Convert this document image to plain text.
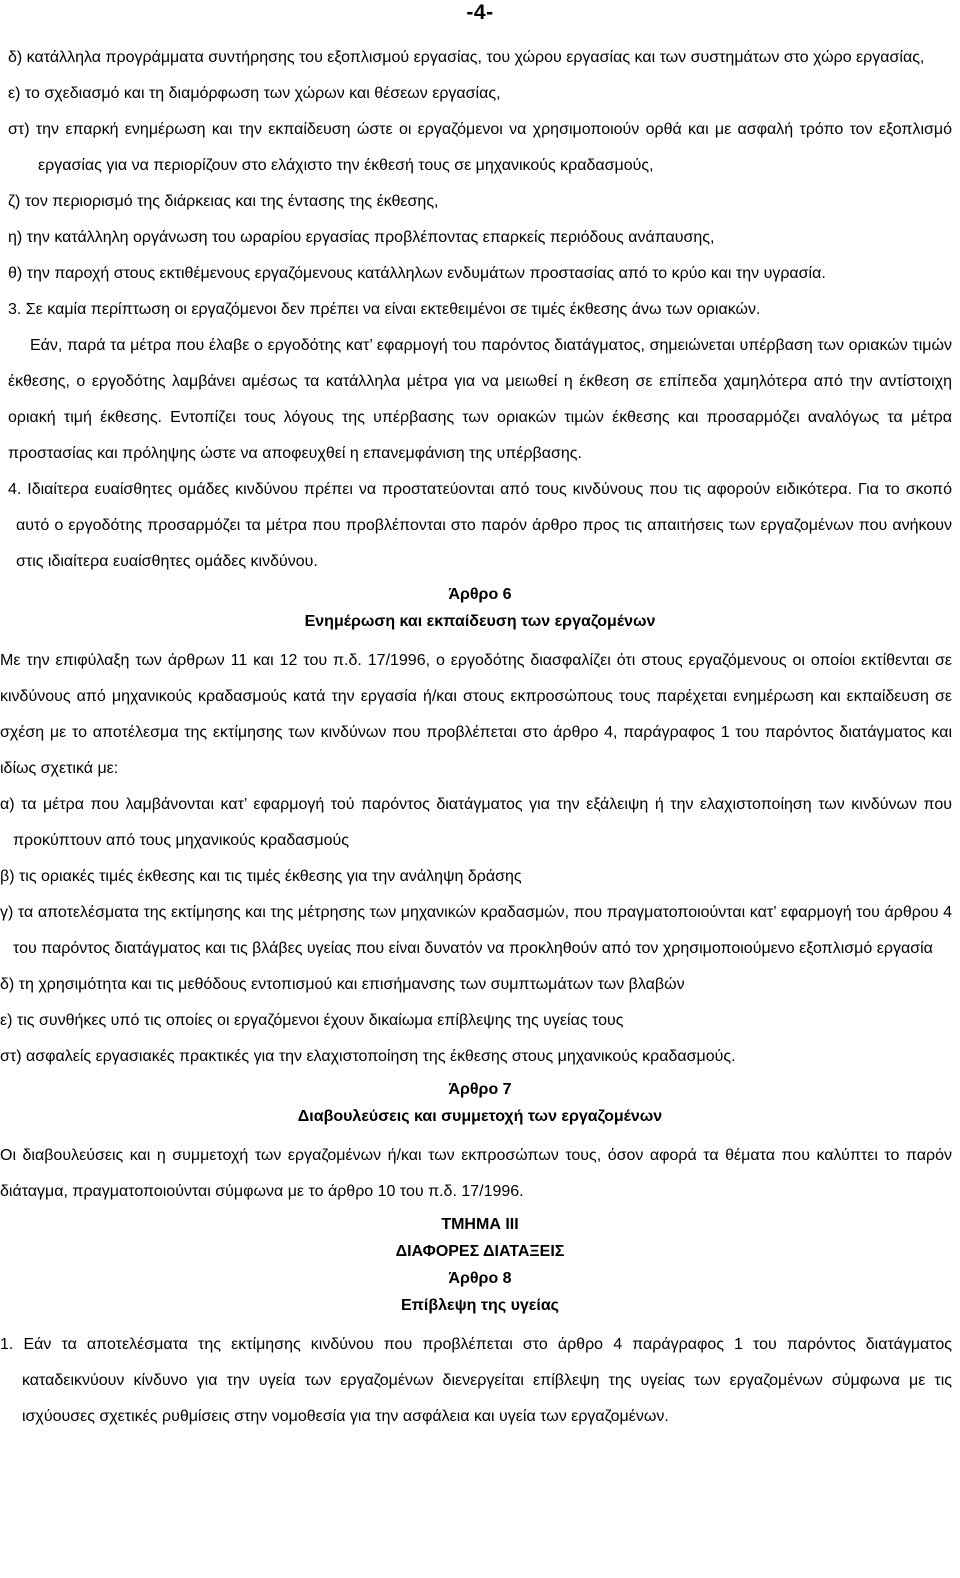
-4-

δ) κατάλληλα προγράμματα συντήρησης του εξοπλισμού εργασίας, του χώρου εργασίας και των συστημάτων στο χώρο εργασίας,

ε) το σχεδιασμό και τη διαμόρφωση των χώρων και θέσεων εργασίας,

στ) την επαρκή ενημέρωση και την εκπαίδευση ώστε οι εργαζόμενοι να χρησιμοποιούν ορθά και με ασφαλή τρόπο τον εξοπλισμό εργασίας για να περιορίζουν στο ελάχιστο την έκθεσή τους σε μηχανικούς κραδασμούς,

ζ) τον περιορισμό της διάρκειας και της έντασης της έκθεσης,

η) την κατάλληλη οργάνωση του ωραρίου εργασίας προβλέποντας επαρκείς περιόδους ανάπαυσης,

θ) την παροχή στους εκτιθέμενους εργαζόμενους κατάλληλων ενδυμάτων προστασίας από το κρύο και την υγρασία.

3. Σε καμία περίπτωση οι εργαζόμενοι δεν πρέπει να είναι εκτεθειμένοι σε τιμές έκθεσης άνω των οριακών.

Εάν, παρά τα μέτρα που έλαβε ο εργοδότης κατ’ εφαρμογή του παρόντος διατάγματος, σημειώνεται υπέρβαση των οριακών τιμών έκθεσης, ο εργοδότης λαμβάνει αμέσως τα κατάλληλα μέτρα για να μειωθεί η έκθεση σε επίπεδα χαμηλότερα από την αντίστοιχη οριακή τιμή έκθεσης. Εντοπίζει τους λόγους της υπέρβασης των οριακών τιμών έκθεσης και προσαρμόζει αναλόγως τα μέτρα προστασίας και πρόληψης ώστε να αποφευχθεί η επανεμφάνιση της υπέρβασης.

4. Ιδιαίτερα ευαίσθητες ομάδες κινδύνου πρέπει να προστατεύονται από τους κινδύνους που τις αφορούν ειδικότερα. Για το σκοπό αυτό ο εργοδότης προσαρμόζει τα μέτρα που προβλέπονται στο παρόν άρθρο προς τις απαιτήσεις των εργαζομένων που ανήκουν στις ιδιαίτερα ευαίσθητες ομάδες κινδύνου.

Άρθρο 6

Ενημέρωση και εκπαίδευση των εργαζομένων

Με την επιφύλαξη των άρθρων 11 και 12 του π.δ. 17/1996, ο εργοδότης διασφαλίζει ότι στους εργαζόμενους οι οποίοι εκτίθενται σε κινδύνους από μηχανικούς κραδασμούς κατά την εργασία ή/και στους εκπροσώπους τους παρέχεται ενημέρωση και εκπαίδευση σε σχέση με το αποτέλεσμα της εκτίμησης των κινδύνων που προβλέπεται στο άρθρο 4, παράγραφος 1 του παρόντος διατάγματος και ιδίως σχετικά με:

α) τα μέτρα που λαμβάνονται κατ’ εφαρμογή τού παρόντος διατάγματος για την εξάλειψη ή την ελαχιστοποίηση των κινδύνων που προκύπτουν από τους μηχανικούς κραδασμούς

β) τις οριακές τιμές έκθεσης και τις τιμές έκθεσης για την ανάληψη δράσης

γ) τα αποτελέσματα της εκτίμησης και της μέτρησης των μηχανικών κραδασμών, που πραγματοποιούνται κατ’ εφαρμογή του άρθρου 4 του παρόντος διατάγματος και τις βλάβες υγείας που είναι δυνατόν να προκληθούν από τον χρησιμοποιούμενο εξοπλισμό εργασία

δ) τη χρησιμότητα και τις μεθόδους εντοπισμού και επισήμανσης των συμπτωμάτων των βλαβών

ε) τις συνθήκες υπό τις οποίες οι εργαζόμενοι έχουν δικαίωμα επίβλεψης της υγείας τους

στ) ασφαλείς εργασιακές πρακτικές για την ελαχιστοποίηση της έκθεσης στους μηχανικούς κραδασμούς.

Άρθρο 7

Διαβουλεύσεις και συμμετοχή των εργαζομένων

Οι διαβουλεύσεις και η συμμετοχή των εργαζομένων ή/και των εκπροσώπων τους, όσον αφορά τα θέματα που καλύπτει το παρόν διάταγμα, πραγματοποιούνται σύμφωνα με το άρθρο 10 του π.δ. 17/1996.

ΤΜΗΜΑ ΙΙΙ

ΔΙΑΦΟΡΕΣ ΔΙΑΤΑΞΕΙΣ

Άρθρο 8

Επίβλεψη της υγείας

1. Εάν τα αποτελέσματα της εκτίμησης κινδύνου που προβλέπεται στο άρθρο 4 παράγραφος 1 του παρόντος διατάγματος καταδεικνύουν κίνδυνο για την υγεία των εργαζομένων διενεργείται επίβλεψη της υγείας των εργαζομένων σύμφωνα με τις ισχύουσες σχετικές ρυθμίσεις στην νομοθεσία για την ασφάλεια και υγεία των εργαζομένων.
